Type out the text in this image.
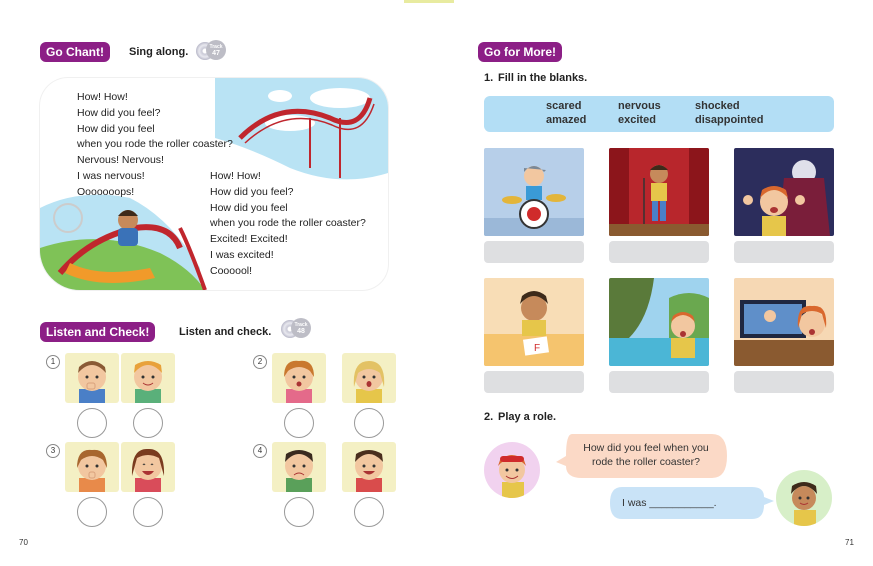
Go Chant!	Sing along.	Track
47
How! How!
How did you feel?
How did you feel
when you rode the roller coaster?
Nervous! Nervous!
I was nervous!
Ooooooops!
How! How!
How did you feel?
How did you feel
when you rode the roller coaster?
Excited! Excited!
I was excited!
Coooool!
Listen and Check!	Listen and check.
Track
48
1	2
3	4
70
Go for More!
1. Fill in the blanks.
scared	nervous	shocked
amazed	excited	disappointed
F
2. Play a role.
How did you feel when you
rode the roller coaster?
I was ___________.
71
